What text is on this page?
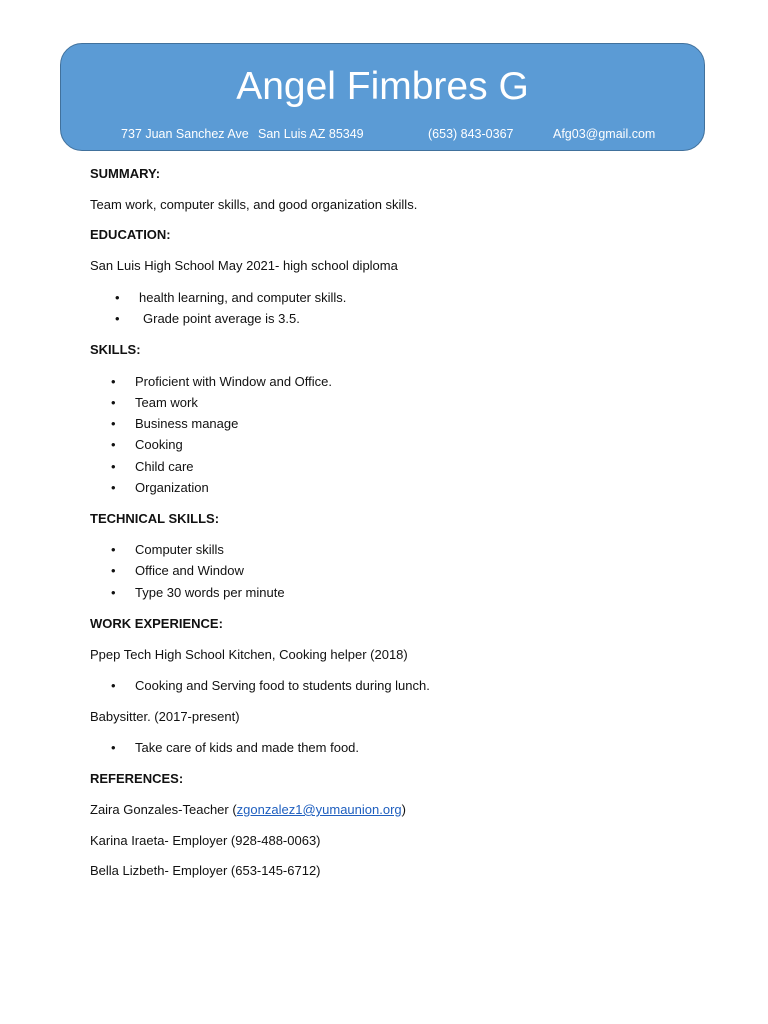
Angel Fimbres G
737 Juan Sanchez Ave San Luis AZ 85349	(653) 843-0367	Afg03@gmail.com
SUMMARY:
Team work, computer skills, and good organization skills.
EDUCATION:
San Luis High School May 2021- high school diploma
• health learning, and computer skills.
• Grade point average is 3.5.
SKILLS:
• Proficient with Window and Office.
• Team work
• Business manage
• Cooking
• Child care
• Organization
TECHNICAL SKILLS:
• Computer skills
• Office and Window
• Type 30 words per minute
WORK EXPERIENCE:
Ppep Tech High School Kitchen, Cooking helper (2018)
• Cooking and Serving food to students during lunch.
Babysitter. (2017-present)
• Take care of kids and made them food.
REFERENCES:
Zaira Gonzales-Teacher (zgonzalez1@yumaunion.org)
Karina Iraeta- Employer (928-488-0063)
Bella Lizbeth- Employer (653-145-6712)
